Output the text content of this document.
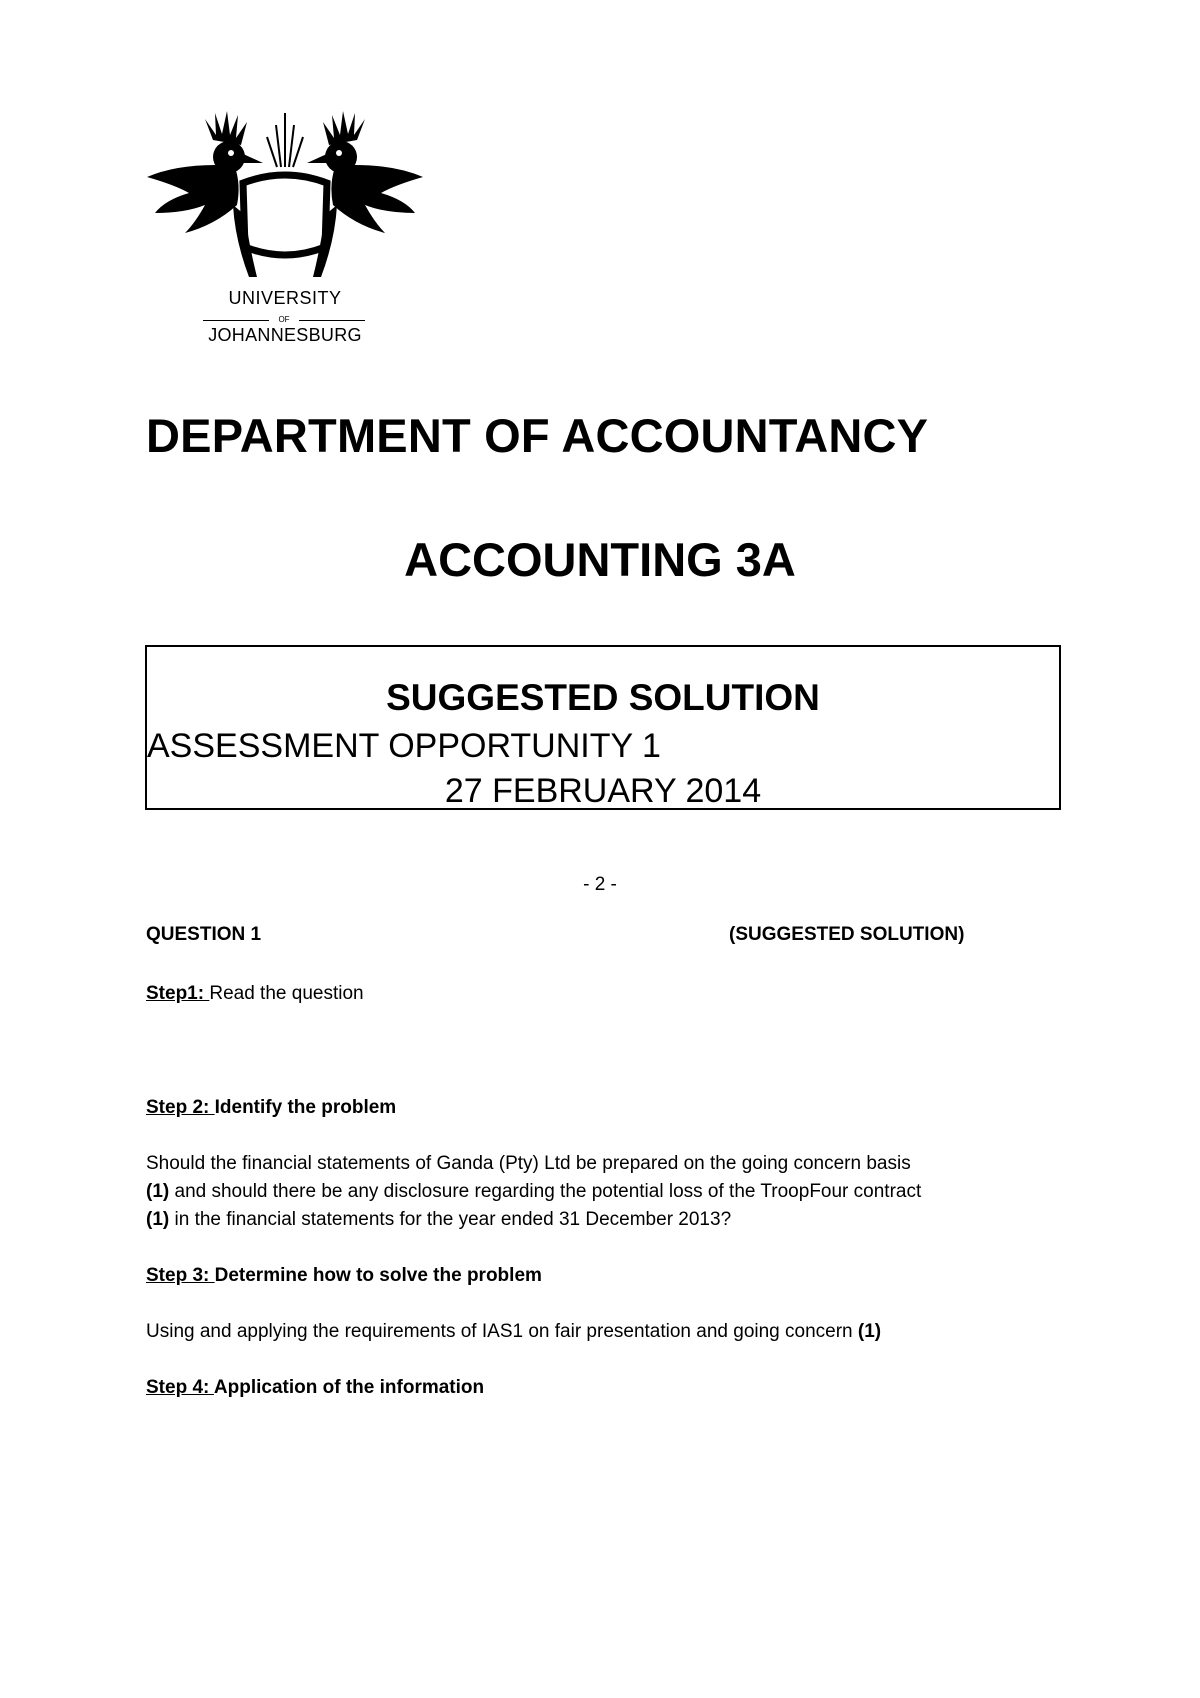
UNIVERSITY
OF
JOHANNESBURG
DEPARTMENT OF ACCOUNTANCY
ACCOUNTING 3A
SUGGESTED SOLUTION
ASSESSMENT OPPORTUNITY 1
27 FEBRUARY 2014
- 2 -
QUESTION 1	(SUGGESTED SOLUTION)
Step1: Read the question
Step 2: Identify the problem
Should the financial statements of Ganda (Pty) Ltd be prepared on the going concern basis
(1) and should there be any disclosure regarding the potential loss of the TroopFour contract
(1) in the financial statements for the year ended 31 December 2013?
Step 3: Determine how to solve the problem
Using and applying the requirements of IAS1 on fair presentation and going concern (1)
Step 4: Application of the information
